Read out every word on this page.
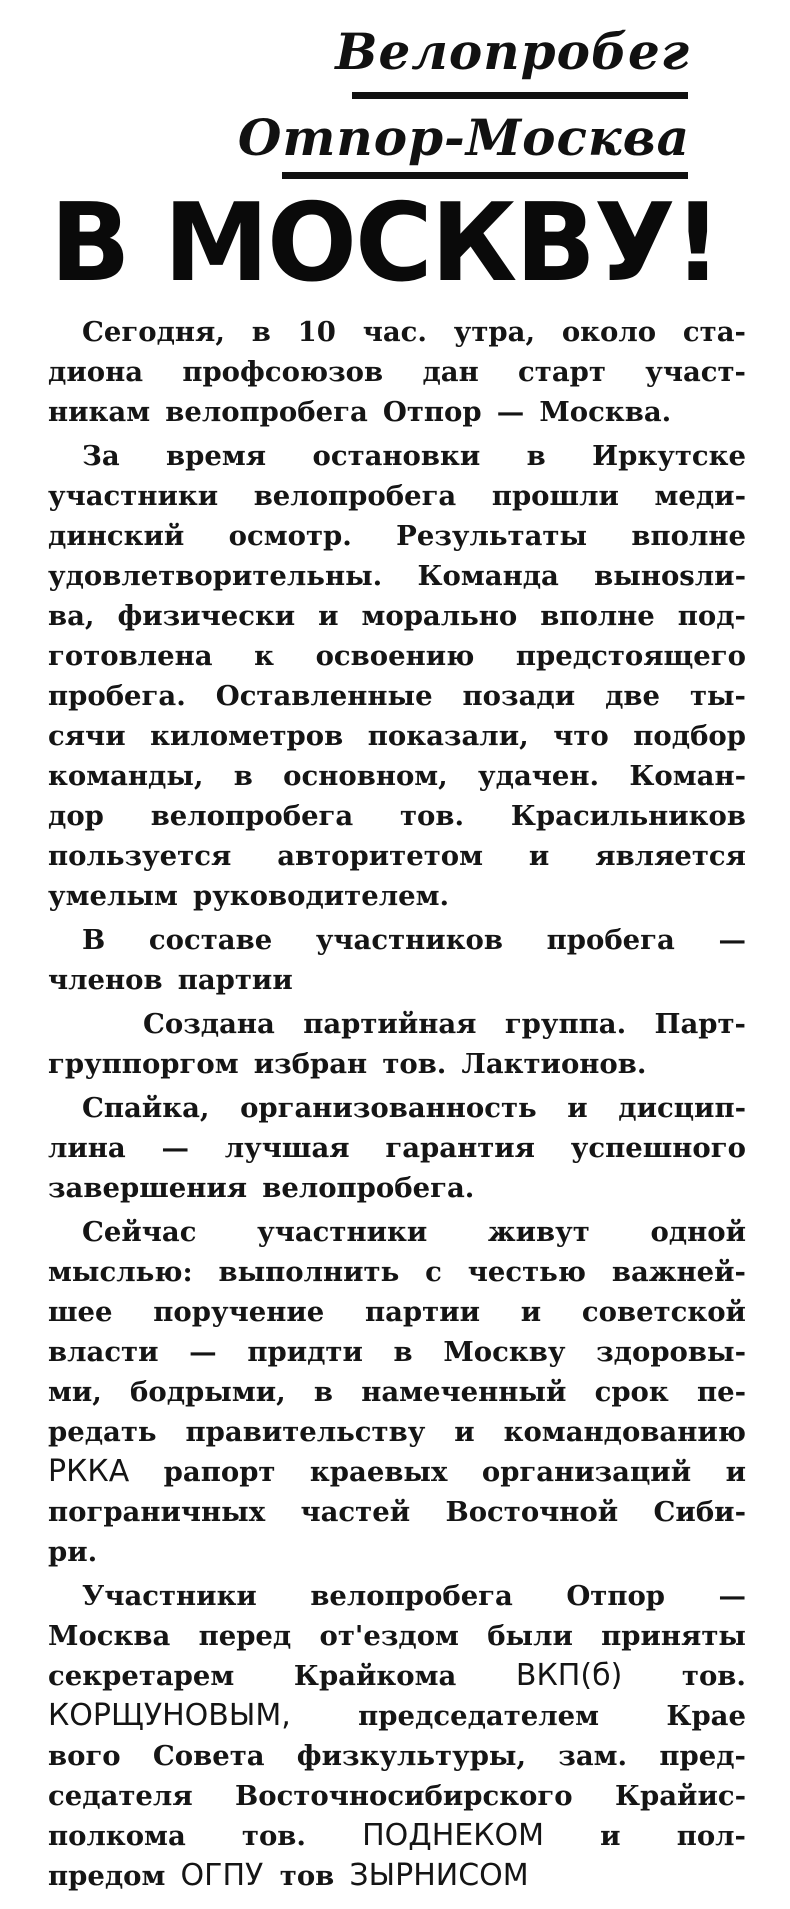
Велопробег
Отпор-Москва
В МОСКВУ!
Сегодня, в 10 час. утра, около ста-
диона профсоюзов дан старт участ-
никам велопробега Отпор — Москва.
За время остановки в Иркутске
участники велопробега прошли меди-
динский осмотр. Результаты вполне
удовлетворительны. Команда вынosли-
ва, физически и морально вполне под-
готовлена к освоению предстоящего
пробега. Оставленные позади две ты-
сячи километров показали, что подбор
команды, в основном, удачен. Коман-
дор велопробега тов. Красильников
пользуется авторитетом и является
умелым руководителем.
В составе участников пробега —
членов партии
Создана партийная группа. Парт-
группоргом избран тов. Лактионов.
Спайка, организованность и дисцип-
лина — лучшая гарантия успешного
завершения велопробега.
Сейчас участники живут одной
мыслью: выполнить с честью важней-
шее поручение партии и советской
власти — придти в Москву здоровы-
ми, бодрыми, в намеченный срок пе-
редать правительству и командованию
РККА рапорт краевых организаций и
пограничных частей Восточной Сиби-
ри.
Участники велопробега Отпор —
Москва перед от'ездом были приняты
секретарем Крайкома ВКП(б) тов.
КОРЩУНОВЫМ, председателем Крае
вого Совета физкультуры, зам. пред-
седателя Восточносибирского Крайис-
полкома тов. ПОДНЕКОМ и пол-
предом ОГПУ тов ЗЫРНИСОМ
